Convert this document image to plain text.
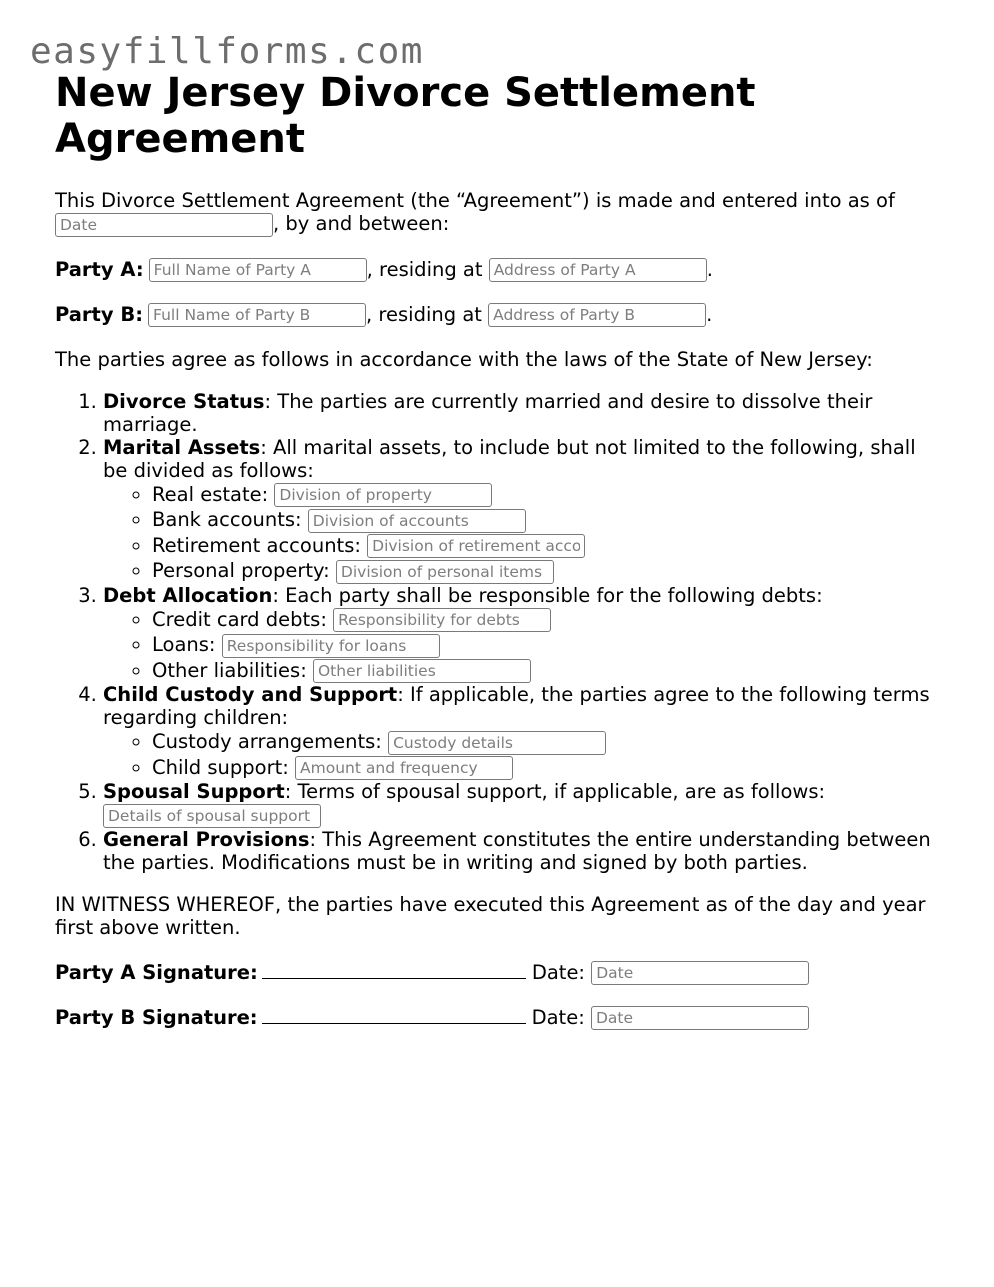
easyfillforms.com
New Jersey Divorce Settlement Agreement

This Divorce Settlement Agreement (the “Agreement”) is made and entered into as of
Date, by and between:

Party A:Full Name of Party A	, residing at Address of Party A	.

Party B:Full Name of Party B	, residing at Address of Party B	.

The parties agree as follows in accordance with the laws of the State of New Jersey:

1. Divorce Status: The parties are currently married and desire to dissolve their marriage.
2. Marital Assets: All marital assets, to include but not limited to the following, shall be divided as follows:
◦ Real estate: Division of property
◦ Bank accounts: Division of accounts
◦ Retirement accounts: Division of retirement accounts
◦ Personal property: Division of personal items
3. Debt Allocation: Each party shall be responsible for the following debts:
◦ Credit card debts: Responsibility for debts
◦ Loans: Responsibility for loans
◦ Other liabilities: Other liabilities
4. Child Custody and Support: If applicable, the parties agree to the following terms regarding children:
◦ Custody arrangements: Custody details
◦ Child support: Amount and frequency
5. Spousal Support: Terms of spousal support, if applicable, are as follows:
Details of spousal support
6. General Provisions: This Agreement constitutes the entire understanding between the parties. Modifications must be in writing and signed by both parties.

IN WITNESS WHEREOF, the parties have executed this Agreement as of the day and year first above written.

Party A Signature:	Date: Date

Party B Signature:	Date: Date
